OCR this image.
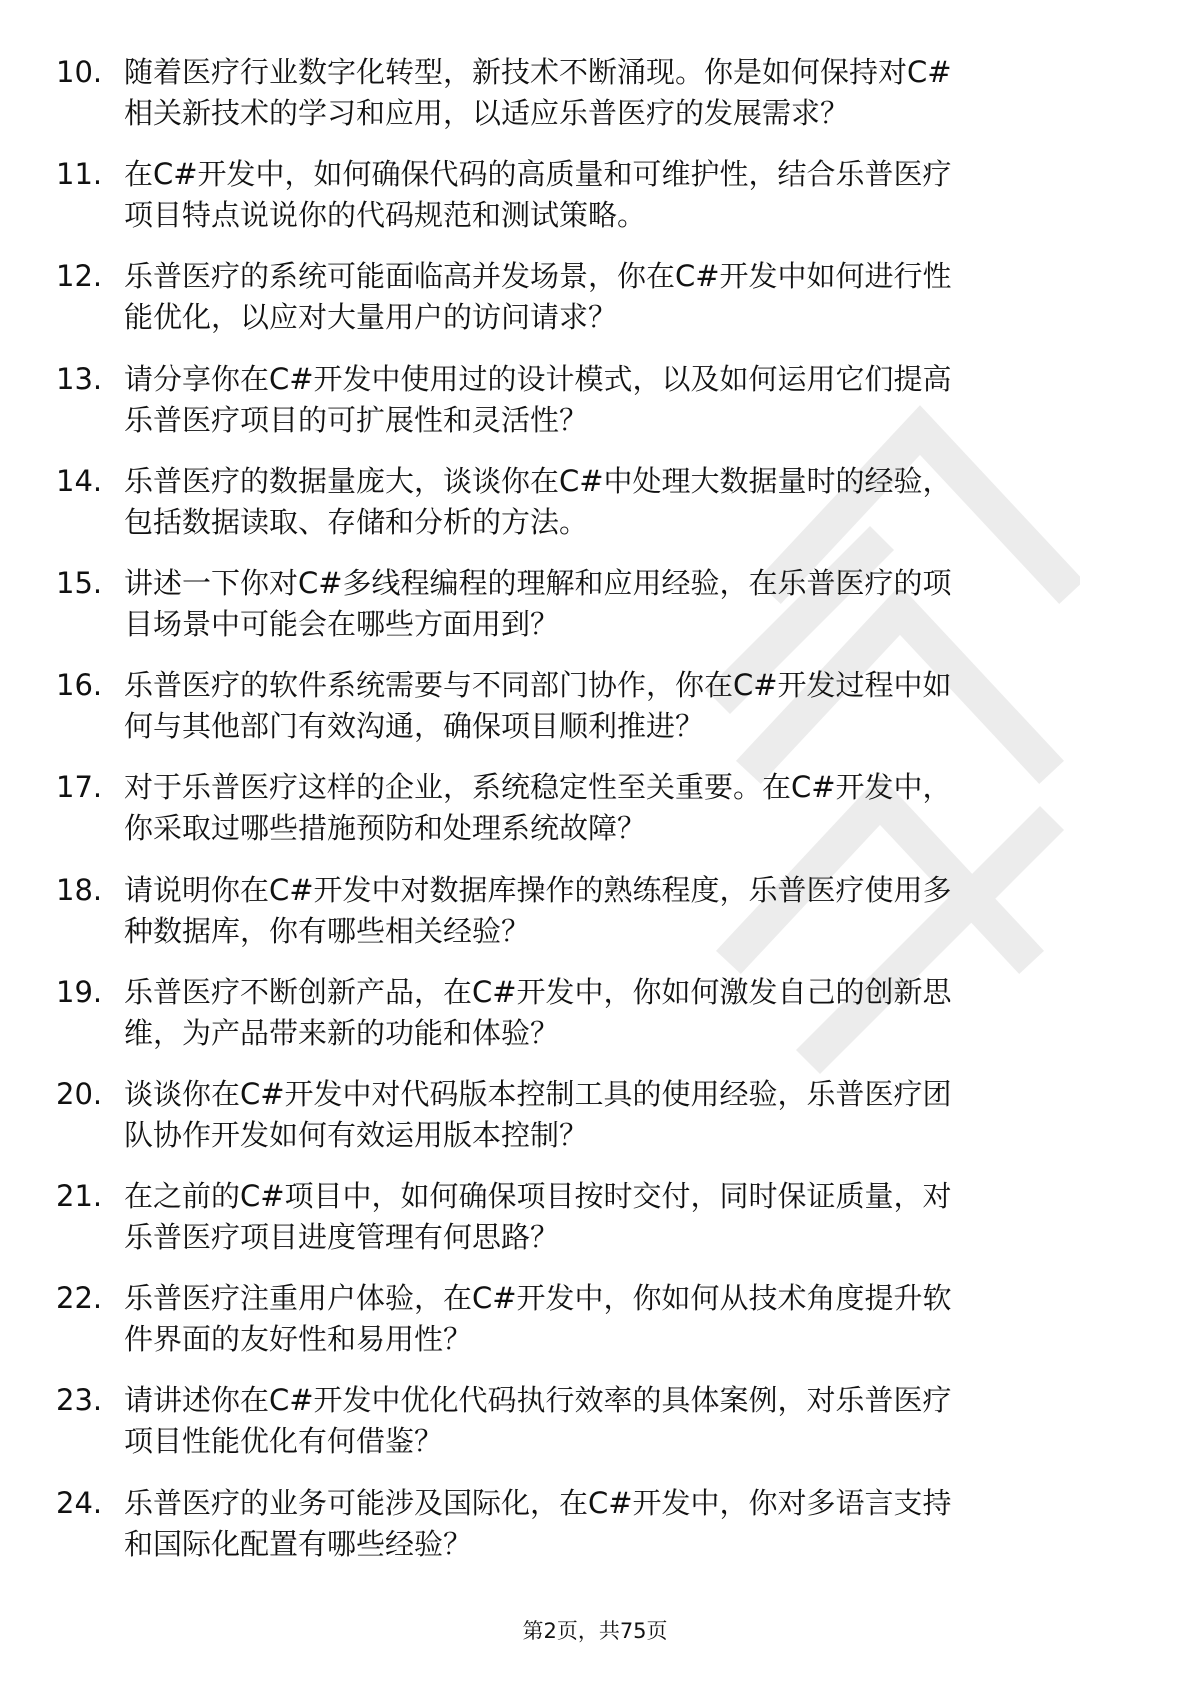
10. 随着医疗行业数字化转型，新技术不断涌现。你是如何保持对C#
相关新技术的学习和应用，以适应乐普医疗的发展需求？

11. 在C#开发中，如何确保代码的高质量和可维护性，结合乐普医疗
项目特点说说你的代码规范和测试策略。

12. 乐普医疗的系统可能面临高并发场景，你在C#开发中如何进行性
能优化，以应对大量用户的访问请求？

13. 请分享你在C#开发中使用过的设计模式，以及如何运用它们提高
乐普医疗项目的可扩展性和灵活性？

14. 乐普医疗的数据量庞大，谈谈你在C#中处理大数据量时的经验，
包括数据读取、存储和分析的方法。

15. 讲述一下你对C#多线程编程的理解和应用经验，在乐普医疗的项
目场景中可能会在哪些方面用到？

16. 乐普医疗的软件系统需要与不同部门协作，你在C#开发过程中如
何与其他部门有效沟通，确保项目顺利推进？

17. 对于乐普医疗这样的企业，系统稳定性至关重要。在C#开发中，
你采取过哪些措施预防和处理系统故障？

18. 请说明你在C#开发中对数据库操作的熟练程度，乐普医疗使用多
种数据库，你有哪些相关经验？

19. 乐普医疗不断创新产品，在C#开发中，你如何激发自己的创新思
维，为产品带来新的功能和体验？

20. 谈谈你在C#开发中对代码版本控制工具的使用经验，乐普医疗团
队协作开发如何有效运用版本控制？

21. 在之前的C#项目中，如何确保项目按时交付，同时保证质量，对
乐普医疗项目进度管理有何思路？

22. 乐普医疗注重用户体验，在C#开发中，你如何从技术角度提升软
件界面的友好性和易用性？

23. 请讲述你在C#开发中优化代码执行效率的具体案例，对乐普医疗
项目性能优化有何借鉴？

24. 乐普医疗的业务可能涉及国际化，在C#开发中，你对多语言支持
和国际化配置有哪些经验？

第2页，共75页
